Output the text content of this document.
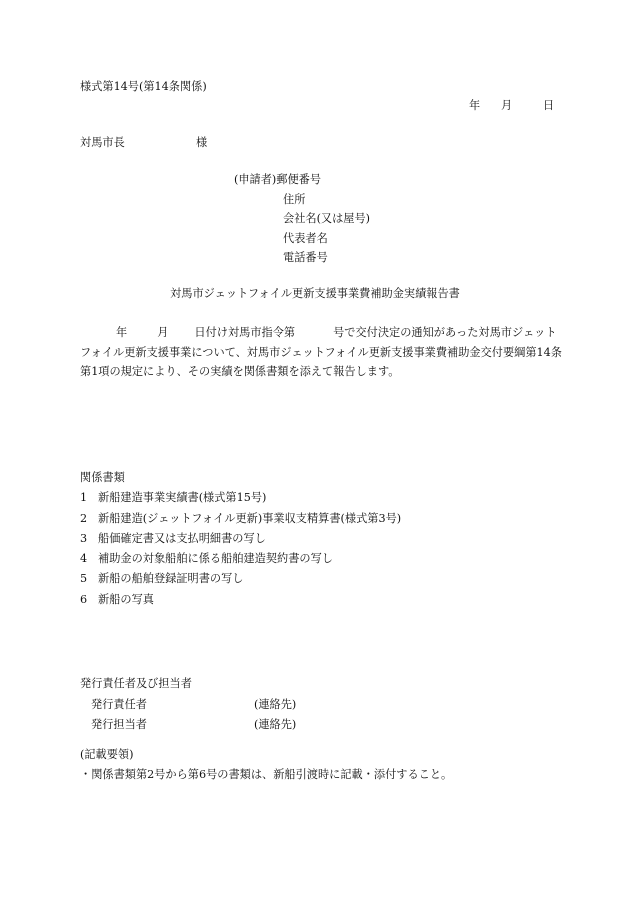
様式第14号(第14条関係)
年 月	日
対馬市長	様
(申請者)郵便番号
住所
会社名(又は屋号)
代表者名
電話番号
対馬市ジェットフォイル更新支援事業費補助金実績報告書
年	月 日付け対馬市指令第	号で交付決定の通知があった対馬市ジェットフォイル更新支援事業について、対馬市ジェットフォイル更新支援事業費補助金交付要綱第14条第1項の規定により、その実績を関係書類を添えて報告します。
関係書類
1 新船建造事業実績書(様式第15号)
2 新船建造(ジェットフォイル更新)事業収支精算書(様式第3号)
3 船価確定書又は支払明細書の写し
4 補助金の対象船舶に係る船舶建造契約書の写し
5 新船の船舶登録証明書の写し
6 新船の写真
発行責任者及び担当者
発行責任者	(連絡先)
発行担当者	(連絡先)
(記載要領)
・関係書類第2号から第6号の書類は、新船引渡時に記載・添付すること。
